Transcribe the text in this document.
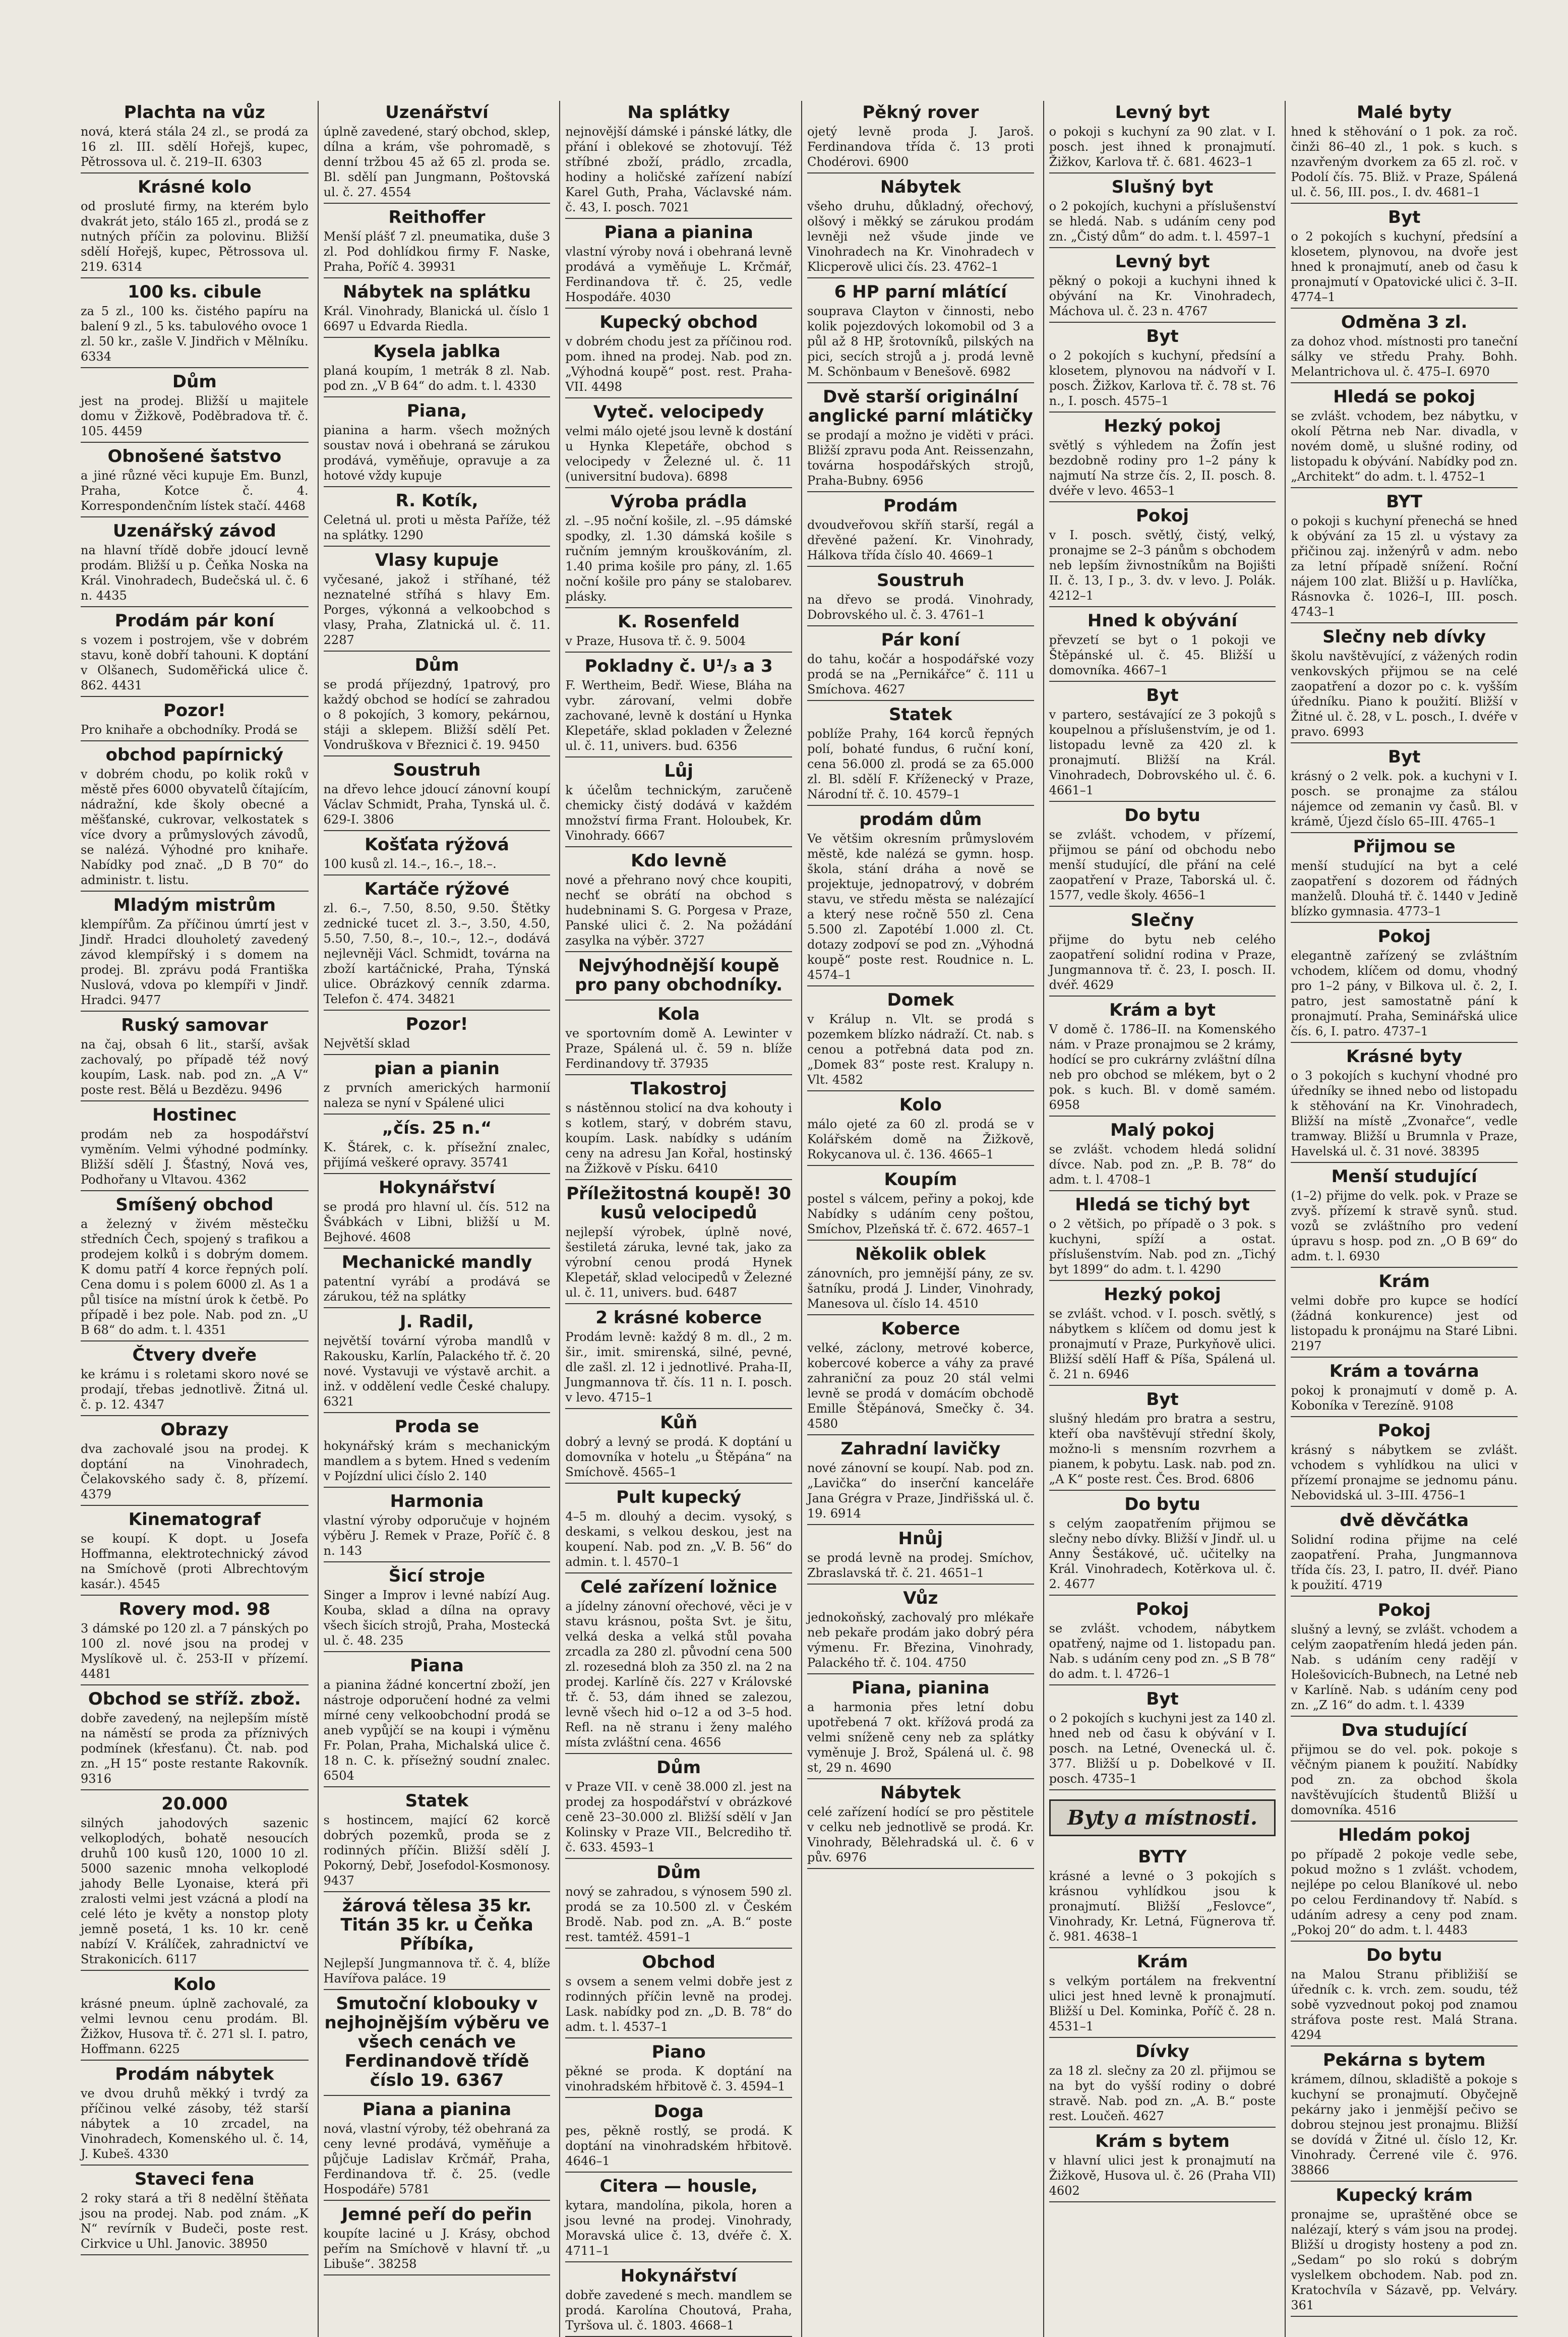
Plachta na vůz

nová, která stála 24 zl., se prodá za 16 zl. III. sdělí Hořejš, kupec, Pětrossova ul. č. 219–II. 6303

Krásné kolo

od prosluté firmy, na kterém bylo dvakrát jeto, stálo 165 zl., prodá se z nutných příčin za polovinu. Bližší sdělí Hořejš, kupec, Pětrossova ul. 219. 6314

100 ks. cibule

za 5 zl., 100 ks. čistého papíru na balení 9 zl., 5 ks. tabulového ovoce 1 zl. 50 kr., zašle V. Jindřich v Mělníku. 6334

Dům

jest na prodej. Bližší u majitele domu v Žižkově, Poděbradova tř. č. 105. 4459

Obnošené šatstvo

a jiné různé věci kupuje Em. Bunzl, Praha, Kotce č. 4. Korrespondenčním lístek stačí. 4468

Uzenářský závod

na hlavní třídě dobře jdoucí levně prodám. Bližší u p. Čeňka Noska na Král. Vinohradech, Budečská ul. č. 6 n. 4435

Prodám pár koní

s vozem i postrojem, vše v dobrém stavu, koně dobří tahouni. K doptání v Olšanech, Sudoměřická ulice č. 862. 4431

Pozor!

Pro knihaře a obchodníky. Prodá se

obchod papírnický

v dobrém chodu, po kolik roků v městě přes 6000 obyvatelů čítajícím, nádražní, kde školy obecné a měšťanské, cukrovar, velkostatek s více dvory a průmyslových závodů, se nalézá. Výhodné pro knihaře. Nabídky pod znač. „D B 70“ do administr. t. listu.

Mladým mistrům

klempířům. Za příčinou úmrtí jest v Jindř. Hradci dlouholetý zavedený závod klempířský i s domem na prodej. Bl. zprávu podá Františka Nuslová, vdova po klempíři v Jindř. Hradci. 9477

Ruský samovar

na čaj, obsah 6 lit., starší, avšak zachovalý, po případě též nový koupím, Lask. nab. pod zn. „A V“ poste rest. Bělá u Bezdězu. 9496

Hostinec

prodám neb za hospodářství vyměním. Velmi výhodné podmínky. Bližší sdělí J. Šťastný, Nová ves, Podhořany u Vltavou. 4362

Smíšený obchod

a železný v živém městečku středních Čech, spojený s trafikou a prodejem kolků i s dobrým domem. K domu patří 4 korce řepných polí. Cena domu i s polem 6000 zl. As 1 a půl tisíce na místní úrok k četbě. Po případě i bez pole. Nab. pod zn. „U B 68“ do adm. t. l. 4351

Čtvery dveře

ke krámu i s roletami skoro nové se prodají, třebas jednotlivě. Žitná ul. č. p. 12. 4347

Obrazy

dva zachovalé jsou na prodej. K doptání na Vinohradech, Čelakovského sady č. 8, přízemí. 4379

Kinematograf

se koupí. K dopt. u Josefa Hoffmanna, elektrotechnický závod na Smíchově (proti Albrechtovým kasár.). 4545

Rovery mod. 98

3 dámské po 120 zl. a 7 pánských po 100 zl. nové jsou na prodej v Myslíkově ul. č. 253-II v přízemí. 4481

Obchod se stříž. zbož.

dobře zavedený, na nejlepším místě na náměstí se proda za příznivých podmínek (křesťanu). Čt. nab. pod zn. „H 15“ poste restante Rakovník. 9316

20.000

silných jahodových sazenic velkoplodých, bohatě nesoucích druhů 100 kusů 120, 1000 10 zl. 5000 sazenic mnoha velkoplodé jahody Belle Lyonaise, která při zralosti velmi jest vzácná a plodí na celé léto je květy a nonstop ploty jemně posetá, 1 ks. 10 kr. ceně nabízí V. Králíček, zahradnictví ve Strakonicích. 6117

Kolo

krásné pneum. úplně zachovalé, za velmi levnou cenu prodám. Bl. Žižkov, Husova tř. č. 271 sl. I. patro, Hoffmann. 6225

Prodám nábytek

ve dvou druhů měkký i tvrdý za příčinou velké zásoby, též starší nábytek a 10 zrcadel, na Vinohradech, Komenského ul. č. 14, J. Kubeš. 4330

Staveci fena

2 roky stará a tři 8 nedělní štěňata jsou na prodej. Nab. pod znám. „K N“ revírník v Budeči, poste rest. Cirkvice u Uhl. Janovic. 38950

Uzenářství

úplně zavedené, starý obchod, sklep, dílna a krám, vše pohromadě, s denní tržbou 45 až 65 zl. proda se. Bl. sdělí pan Jungmann, Poštovská ul. č. 27. 4554

Reithoffer

Menší plášť 7 zl. pneumatika, duše 3 zl. Pod dohlídkou firmy F. Naske, Praha, Poříč 4. 39931

Nábytek na splátku

Král. Vinohrady, Blanická ul. číslo 1 6697 u Edvarda Riedla.

Kysela jablka

planá koupím, 1 metrák 8 zl. Nab. pod zn. „V B 64“ do adm. t. l. 4330

Piana,

pianina a harm. všech možných soustav nová i obehraná se zárukou prodává, vyměňuje, opravuje a za hotové vždy kupuje

R. Kotík,

Celetná ul. proti u města Paříže, též na splátky. 1290

Vlasy kupuje

vyčesané, jakož i stříhané, též neznatelné stříhá s hlavy Em. Porges, výkonná a velkoobchod s vlasy, Praha, Zlatnická ul. č. 11. 2287

Dům

se prodá příjezdný, 1patrový, pro každý obchod se hodící se zahradou o 8 pokojích, 3 komory, pekárnou, stáji a sklepem. Bližší sdělí Pet. Vondruškova v Březnici č. 19. 9450

Soustruh

na dřevo lehce jdoucí zánovní koupí Václav Schmidt, Praha, Tynská ul. č. 629-I. 3806

Košťata rýžová

100 kusů zl. 14.–, 16.–, 18.–.

Kartáče rýžové

zl. 6.–, 7.50, 8.50, 9.50. Štětky zednické tucet zl. 3.–, 3.50, 4.50, 5.50, 7.50, 8.–, 10.–, 12.–, dodává nejlevněji Václ. Schmidt, továrna na zboží kartáčnické, Praha, Týnská ulice. Obrázkový cenník zdarma. Telefon č. 474. 34821

Pozor!

Největší sklad

pian a pianin

z prvních amerických harmonií naleza se nyní v Spálené ulici

„čís. 25 n.“

K. Štárek, c. k. přísežní znalec, přijímá veškeré opravy. 35741

Hokynářství

se prodá pro hlavní ul. čís. 512 na Švábkách v Libni, bližší u M. Bejhové. 4608

Mechanické mandly

patentní vyrábí a prodává se zárukou, též na splátky

J. Radil,

největší tovární výroba mandlů v Rakousku, Karlín, Palackého tř. č. 20 nové. Vystavuji ve výstavě archit. a inž. v oddělení vedle České chalupy. 6321

Proda se

hokynářský krám s mechanickým mandlem a s bytem. Hned s vedením v Pojízdní ulici číslo 2. 140

Harmonia

vlastní výroby odporučuje v hojném výběru J. Remek v Praze, Poříč č. 8 n. 143

Šicí stroje

Singer a Improv i levné nabízí Aug. Kouba, sklad a dílna na opravy všech šicích strojů, Praha, Mostecká ul. č. 48. 235

Piana

a pianina žádné koncertní zboží, jen nástroje odporučení hodné za velmi mírné ceny velkoobchodní prodá se aneb vypůjčí se na koupi i výměnu Fr. Polan, Praha, Michalská ulice č. 18 n. C. k. přísežný soudní znalec. 6504

Statek

s hostincem, mající 62 korcě dobrých pozemků, proda se z rodinných příčin. Bližší sdělí J. Pokorný, Debř, Josefodol-Kosmonosy. 9437

žárová tělesa 35 kr. Titán 35 kr. u Čeňka Příbíka,

Nejlepší Jungmannova tř. č. 4, blíže Havířova paláce. 19

Smutoční klobouky v nejhojnějším výběru ve všech cenách ve Ferdinandově třídě číslo 19. 6367
Piana a pianina

nová, vlastní výroby, též obehraná za ceny levné prodává, vyměňuje a půjčuje Ladislav Krčmář, Praha, Ferdinandova tř. č. 25. (vedle Hospodáře) 5781

Jemné peří do peřin

koupíte laciné u J. Krásy, obchod peřím na Smíchově v hlavní tř. „u Libuše“. 38258

Na splátky

nejnovější dámské i pánské látky, dle přání i oblekové se zhotovují. Též stříbné zboží, prádlo, zrcadla, hodiny a holičské zařízení nabízí Karel Guth, Praha, Václavské nám. č. 43, I. posch. 7021

Piana a pianina

vlastní výroby nová i obehraná levně prodává a vyměňuje L. Krčmář, Ferdinandova tř. č. 25, vedle Hospodáře. 4030

Kupecký obchod

v dobrém chodu jest za příčinou rod. pom. ihned na prodej. Nab. pod zn. „Výhodná koupě“ post. rest. Praha-VII. 4498

Vyteč. velocipedy

velmi málo ojeté jsou levně k dostání u Hynka Klepetáře, obchod s velocipedy v Železné ul. č. 11 (universitní budova). 6898

Výroba prádla

zl. –.95 noční košile, zl. –.95 dámské spodky, zl. 1.30 dámská košile s ručním jemným krouškováním, zl. 1.40 prima košile pro pány, zl. 1.65 noční košile pro pány se stalobarev. plásky.

K. Rosenfeld

v Praze, Husova tř. č. 9. 5004

Pokladny č. U¹/₃ a 3

F. Wertheim, Bedř. Wiese, Bláha na vybr. zárovaní, velmi dobře zachované, levně k dostání u Hynka Klepetáře, sklad pokladen v Železné ul. č. 11, univers. bud. 6356

Lůj

k účelům technickým, zaručeně chemicky čistý dodává v každém množství firma Frant. Holoubek, Kr. Vinohrady. 6667

Kdo levně

nové a přehrano nový chce koupiti, nechť se obrátí na obchod s hudebninami S. G. Porgesa v Praze, Panské ulici č. 2. Na požádání zasylka na výběr. 3727

Nejvýhodnější koupě pro pany obchodníky.
Kola

ve sportovním domě A. Lewinter v Praze, Spálená ul. č. 59 n. blíže Ferdinandovy tř. 37935

Tlakostroj

s nástěnnou stolicí na dva kohouty i s kotlem, starý, v dobrém stavu, koupím. Lask. nabídky s udáním ceny na adresu Jan Kořal, hostinský na Žižkově v Písku. 6410

Příležitostná koupě! 30 kusů velocipedů

nejlepší výrobek, úplně nové, šestiletá záruka, levné tak, jako za výrobní cenou prodá Hynek Klepetář, sklad velocipedů v Železné ul. č. 11, univers. bud. 6487

2 krásné koberce

Prodám levně: každý 8 m. dl., 2 m. šir., imit. smirenská, silné, pevné, dle zašl. zl. 12 i jednotlivé. Praha-II, Jungmannova tř. čís. 11 n. I. posch. v levo. 4715–1

Kůň

dobrý a levný se prodá. K doptání u domovníka v hotelu „u Štěpána“ na Smíchově. 4565–1

Pult kupecký

4–5 m. dlouhý a decim. vysoký, s deskami, s velkou deskou, jest na koupení. Nab. pod zn. „V. B. 56“ do admin. t. l. 4570–1

Celé zařízení ložnice

a jídelny zánovní ořechové, věci je v stavu krásnou, pošta Svt. je šitu, velká deska a velká stůl povaha zrcadla za 280 zl. původní cena 500 zl. rozesedná bloh za 350 zl. na 2 na prodej. Karlíně čís. 227 v Královské tř. č. 53, dám ihned se zalezou, levně všech hid o–12 a od 3–5 hod. Refl. na ně stranu i ženy malého místa zvláštní cena. 4656

Dům

v Praze VII. v ceně 38.000 zl. jest na prodej za hospodářství v obrázkové ceně 23–30.000 zl. Bližší sdělí v Jan Kolinsky v Praze VII., Belcrediho tř. č. 633. 4593–1

Dům

nový se zahradou, s výnosem 590 zl. prodá se za 10.500 zl. v Českém Brodě. Nab. pod zn. „A. B.“ poste rest. tamtéž. 4591–1

Obchod

s ovsem a senem velmi dobře jest z rodinných příčin levně na prodej. Lask. nabídky pod zn. „D. B. 78“ do adm. t. l. 4537–1

Piano

pěkné se proda. K doptání na vinohradském hřbitově č. 3. 4594–1

Doga

pes, pěkně rostlý, se prodá. K doptání na vinohradském hřbitově. 4646–1

Citera — housle,

kytara, mandolína, pikola, horen a jsou levné na prodej. Vinohrady, Moravská ulice č. 13, dvéře č. X. 4711–1

Hokynářství

dobře zavedené s mech. mandlem se prodá. Karolína Choutová, Praha, Tyršova ul. č. 1803. 4668–1

Pěkný rover

ojetý levně proda J. Jaroš. Ferdinandova třída č. 13 proti Chodérovi. 6900

Nábytek

všeho druhu, důkladný, ořechový, olšový i měkký se zárukou prodám levněji než všude jinde ve Vinohradech na Kr. Vinohradech v Klicperově ulici čís. 23. 4762–1

6 HP parní mlátící

souprava Clayton v činnosti, nebo kolik pojezdových lokomobil od 3 a půl až 8 HP, šrotovníků, pilských na pici, secích strojů a j. prodá levně M. Schönbaum v Benešově. 6982

Dvě starší originální anglické parní mlátičky

se prodají a možno je viděti v práci. Bližší zpravu poda Ant. Reissenzahn, továrna hospodářských strojů, Praha-Bubny. 6956

Prodám

dvoudveřovou skříň starší, regál a dřevěné pažení. Kr. Vinohrady, Hálkova třída číslo 40. 4669–1

Soustruh

na dřevo se prodá. Vinohrady, Dobrovského ul. č. 3. 4761–1

Pár koní

do tahu, kočár a hospodářské vozy prodá se na „Pernikářce“ č. 111 u Smíchova. 4627

Statek

poblíže Prahy, 164 korců řepných polí, bohaté fundus, 6 ruční koní, cena 56.000 zl. prodá se za 65.000 zl. Bl. sdělí F. Kříženecký v Praze, Národní tř. č. 10. 4579–1

prodám dům

Ve většim okresním průmyslovém městě, kde nalézá se gymn. hosp. škola, stání dráha a nově se projektuje, jednopatrový, v dobrém stavu, ve středu města se nalézající a který nese ročně 550 zl. Cena 5.500 zl. Zapotébí 1.000 zl. Ct. dotazy zodpoví se pod zn. „Výhodná koupě“ poste rest. Roudnice n. L. 4574–1

Domek

v Králup n. Vlt. se prodá s pozemkem blízko nádraží. Ct. nab. s cenou a potřebná data pod zn. „Domek 83“ poste rest. Kralupy n. Vlt. 4582

Kolo

málo ojeté za 60 zl. prodá se v Kolářském domě na Žižkově, Rokycanova ul. č. 136. 4665–1

Koupím

postel s válcem, peřiny a pokoj, kde Nabídky s udáním ceny poštou, Smíchov, Plzeňská tř. č. 672. 4657–1

Několik oblek

zánovních, pro jemnější pány, ze sv. šatníku, prodá J. Linder, Vinohrady, Manesova ul. číslo 14. 4510

Koberce

velké, záclony, metrové koberce, kobercové koberce a váhy za pravé zahraniční za pouz 20 stál velmi levně se prodá v domácím obchodě Emille Štěpánová, Smečky č. 34. 4580

Zahradní lavičky

nové zánovní se koupí. Nab. pod zn. „Lavička“ do inserční kanceláře Jana Grégra v Praze, Jindřišská ul. č. 19. 6914

Hnůj

se prodá levně na prodej. Smíchov, Zbraslavská tř. č. 21. 4651–1

Vůz

jednokoňský, zachovalý pro mlékaře neb pekaře prodám jako dobrý péra výmenu. Fr. Březina, Vinohrady, Palackého tř. č. 104. 4750

Piana, pianina

a harmonia přes letní dobu upotřebená 7 okt. křížová prodá za velmi sníženě ceny neb za splátky vyměnuje J. Brož, Spálená ul. č. 98 st, 29 n. 4690

Nábytek

celé zařízení hodící se pro pěstitele v celku neb jednotlivě se prodá. Kr. Vinohrady, Bělehradská ul. č. 6 v pův. 6976

Levný byt

o pokoji s kuchyní za 90 zlat. v I. posch. jest ihned k pronajmutí. Žižkov, Karlova tř. č. 681. 4623–1

Slušný byt

o 2 pokojích, kuchyni a příslušenství se hledá. Nab. s udáním ceny pod zn. „Čistý dům“ do adm. t. l. 4597–1

Levný byt

pěkný o pokoji a kuchyni ihned k obývání na Kr. Vinohradech, Máchova ul. č. 23 n. 4767

Byt

o 2 pokojích s kuchyní, předsíní a klosetem, plynovou na nádvoří v I. posch. Žižkov, Karlova tř. č. 78 st. 76 n., I. posch. 4575–1

Hezký pokoj

světlý s výhledem na Žofín jest bezdobně rodiny pro 1–2 pány k najmutí Na strze čís. 2, II. posch. 8. dvéře v levo. 4653–1

Pokoj

v I. posch. světlý, čistý, velký, pronajme se 2–3 pánům s obchodem neb lepším živnostníkům na Bojišti II. č. 13, I p., 3. dv. v levo. J. Polák. 4212–1

Hned k obývání

převzetí se byt o 1 pokoji ve Štěpánské ul. č. 45. Bližší u domovníka. 4667–1

Byt

v partero, sestávající ze 3 pokojů s koupelnou a příslušenstvím, je od 1. listopadu levně za 420 zl. k pronajmutí. Bližší na Král. Vinohradech, Dobrovského ul. č. 6. 4661–1

Do bytu

se zvlášt. vchodem, v přízemí, přijmou se pání od obchodu nebo menší studující, dle přání na celé zaopatření v Praze, Taborská ul. č. 1577, vedle školy. 4656–1

Slečny

přijme do bytu neb celého zaopatření solidní rodina v Praze, Jungmannova tř. č. 23, I. posch. II. dvéř. 4629

Krám a byt

V domě č. 1786–II. na Komenského nám. v Praze pronajmou se 2 krámy, hodící se pro cukrárny zvláštní dílna neb pro obchod se mlékem, byt o 2 pok. s kuch. Bl. v domě samém. 6958

Malý pokoj

se zvlášt. vchodem hledá solidní dívce. Nab. pod zn. „P. B. 78“ do adm. t. l. 4708–1

Hledá se tichý byt

o 2 většich, po případě o 3 pok. s kuchyni, spíží a ostat. příslušenstvím. Nab. pod zn. „Tichý byt 1899“ do adm. t. l. 4290

Hezký pokoj

se zvlášt. vchod. v I. posch. světlý, s nábytkem s klíčem od domu jest k pronajmutí v Praze, Purkyňově ulici. Bližší sdělí Haff & Píša, Spálená ul. č. 21 n. 6946

Byt

slušný hledám pro bratra a sestru, kteří oba navštěvují střední školy, možno-li s mensním rozvrhem a pianem, k pobytu. Lask. nab. pod zn. „A K“ poste rest. Čes. Brod. 6806

Do bytu

s celým zaopatřením přijmou se slečny nebo dívky. Bližší v Jindř. ul. u Anny Šestákové, uč. učitelky na Král. Vinohradech, Kotěrkova ul. č. 2. 4677

Pokoj

se zvlášt. vchodem, nábytkem opatřený, najme od 1. listopadu pan. Nab. s udáním ceny pod zn. „S B 78“ do adm. t. l. 4726–1

Byt

o 2 pokojích s kuchyni jest za 140 zl. hned neb od času k obývání v I. posch. na Letné, Ovenecká ul. č. 377. Bližší u p. Dobelkové v II. posch. 4735–1

Byty a místnosti.
BYTY

krásné a levné o 3 pokojích s krásnou vyhlídkou jsou k pronajmutí. Bližší „Feslovce“, Vinohrady, Kr. Letná, Fügnerova tř. č. 981. 4638–1

Krám

s velkým portálem na frekventní ulici jest hned levně k pronajmutí. Bližší u Del. Kominka, Poříč č. 28 n. 4531–1

Dívky

za 18 zl. slečny za 20 zl. přijmou se na byt do vyšší rodiny o dobré stravě. Nab. pod zn. „A. B.“ poste rest. Loučeň. 4627

Krám s bytem

v hlavní ulici jest k pronajmutí na Žižkově, Husova ul. č. 26 (Praha VII) 4602

Malé byty

hned k stěhování o 1 pok. za roč. činži 86–40 zl., 1 pok. s kuch. s nzavřeným dvorkem za 65 zl. roč. v Podolí čís. 75. Bliž. v Praze, Spálená ul. č. 56, III. pos., I. dv. 4681–1

Byt

o 2 pokojích s kuchyní, předsíní a klosetem, plynovou, na dvoře jest hned k pronajmutí, aneb od času k pronajmutí v Opatovické ulici č. 3–II. 4774–1

Odměna 3 zl.

za dohoz vhod. místnosti pro taneční sálky ve středu Prahy. Bohh. Melantrichova ul. č. 475–I. 6970

Hledá se pokoj

se zvlášt. vchodem, bez nábytku, v okolí Pětrna neb Nar. divadla, v novém domě, u slušné rodiny, od listopadu k obývání. Nabídky pod zn. „Architekt“ do adm. t. l. 4752–1

BYT

o pokoji s kuchyní přenechá se hned k obývání za 15 zl. u výstavy za přičinou zaj. inženýrů v adm. nebo za letní případě snížení. Roční nájem 100 zlat. Bližší u p. Havlíčka, Rásnovka č. 1026–I, III. posch. 4743–1

Slečny neb dívky

školu navštěvující, z vážených rodin venkovských přijmou se na celé zaopatření a dozor po c. k. vyšším úředníku. Piano k použití. Bližší v Žitné ul. č. 28, v L. posch., I. dvéře v pravo. 6993

Byt

krásný o 2 velk. pok. a kuchyni v I. posch. se pronajme za stálou nájemce od zemanin vy časů. Bl. v krámě, Újezd číslo 65–III. 4765–1

Přijmou se

menší studující na byt a celé zaopatření s dozorem od řádných manželů. Dlouhá tř. č. 1440 v Jedině blízko gymnasia. 4773–1

Pokoj

elegantně zařízený se zvláštním vchodem, klíčem od domu, vhodný pro 1–2 pány, v Bilkova ul. č. 2, I. patro, jest samostatně pání k pronajmutí. Praha, Seminářská ulice čís. 6, I. patro. 4737–1

Krásné byty

o 3 pokojích s kuchyní vhodné pro úředníky se ihned nebo od listopadu k stěhování na Kr. Vinohradech, Bližší na místě „Zvonařce“, vedle tramway. Bližší u Brumnla v Praze, Havelská ul. č. 31 nové. 38395

Menší studující

(1–2) přijme do velk. pok. v Praze se zvyš. přízemí k stravě synů. stud. vozů se zvláštního pro vedení úpravu s hosp. pod zn. „O B 69“ do adm. t. l. 6930

Krám

velmi dobře pro kupce se hodící (žádná konkurence) jest od listopadu k pronájmu na Staré Libni. 2197

Krám a továrna

pokoj k pronajmutí v domě p. A. Koboníka v Terezíně. 9108

Pokoj

krásný s nábytkem se zvlášt. vchodem s vyhlídkou na ulici v přízemí pronajme se jednomu pánu. Nebovidská ul. 3–III. 4756–1

dvě děvčátka

Solidní rodina přijme na celé zaopatření. Praha, Jungmannova třída čís. 23, I. patro, II. dvéř. Piano k použití. 4719

Pokoj

slušný a levný, se zvlášt. vchodem a celým zaopatřením hledá jeden pán. Nab. s udáním ceny radějí v Holešovicích-Bubnech, na Letné neb v Karlíně. Nab. s udáním ceny pod zn. „Z 16“ do adm. t. l. 4339

Dva studující

přijmou se do vel. pok. pokoje s věčným pianem k použití. Nabídky pod zn. za obchod škola navštěvujících študentů Bližší u domovníka. 4516

Hledám pokoj

po případě 2 pokoje vedle sebe, pokud možno s 1 zvlášt. vchodem, nejlépe po celou Blaníkové ul. nebo po celou Ferdinandovy tř. Nabíd. s udáním adresy a ceny pod znam. „Pokoj 20“ do adm. t. l. 4483

Do bytu

na Malou Stranu přibližiší se úředník c. k. vrch. zem. soudu, též sobě vyzvednout pokoj pod znamou stráfova poste rest. Malá Strana. 4294

Pekárna s bytem

krámem, dílnou, skladiště a pokoje s kuchyní se pronajmutí. Obyčejně pekárny jako i jenmější pečivo se dobrou stejnou jest pronajmu. Bližší se dovídá v Žitné ul. číslo 12, Kr. Vinohrady. Čerrené vile č. 976. 38866

Kupecký krám

pronajme se, upraštěné obce se nalézají, který s vám jsou na prodej. Bližší u drogisty hosteny a pod zn. „Sedam“ po slo rokú s dobrým vyslelkem obchodem. Nab. pod zn. Kratochvíla v Sázavě, pp. Velváry. 361
